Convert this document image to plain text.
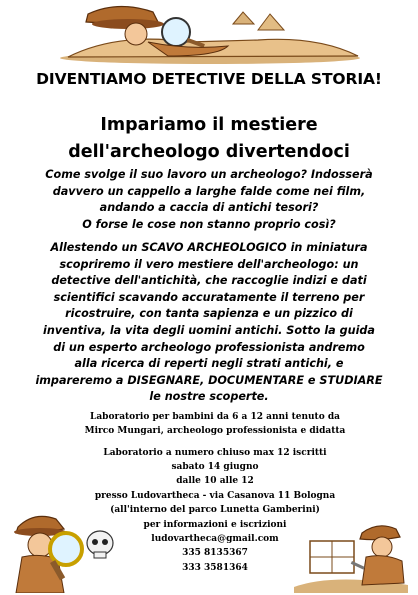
DIVENTIAMO DETECTIVE DELLA STORIA!
Impariamo il mestiere
dell'archeologo divertendoci
Come svolge il suo lavoro un archeologo? Indosserà
davvero un cappello a larghe falde come nei film,
andando a caccia di antichi tesori?
O forse le cose non stanno proprio così?
Allestendo un SCAVO ARCHEOLOGICO in miniatura
scopriremo il vero mestiere dell'archeologo: un
detective dell'antichità, che raccoglie indizi e dati
scientifici scavando accuratamente il terreno per
ricostruire, con tanta sapienza e un pizzico di
inventiva, la vita degli uomini antichi. Sotto la guida
di un esperto archeologo professionista andremo
alla ricerca di reperti negli strati antichi, e
impareremo a DISEGNARE, DOCUMENTARE e STUDIARE
le nostre scoperte.
Laboratorio per bambini da 6 a 12 anni tenuto da
Mirco Mungari, archeologo professionista e didatta
Laboratorio a numero chiuso max 12 iscritti
sabato 14 giugno
dalle 10 alle 12
presso Ludovartheca - via Casanova 11 Bologna
(all'interno del parco Lunetta Gamberini)
per informazioni e iscrizioni
ludovartheca@gmail.com
335 8135367
333 3581364
